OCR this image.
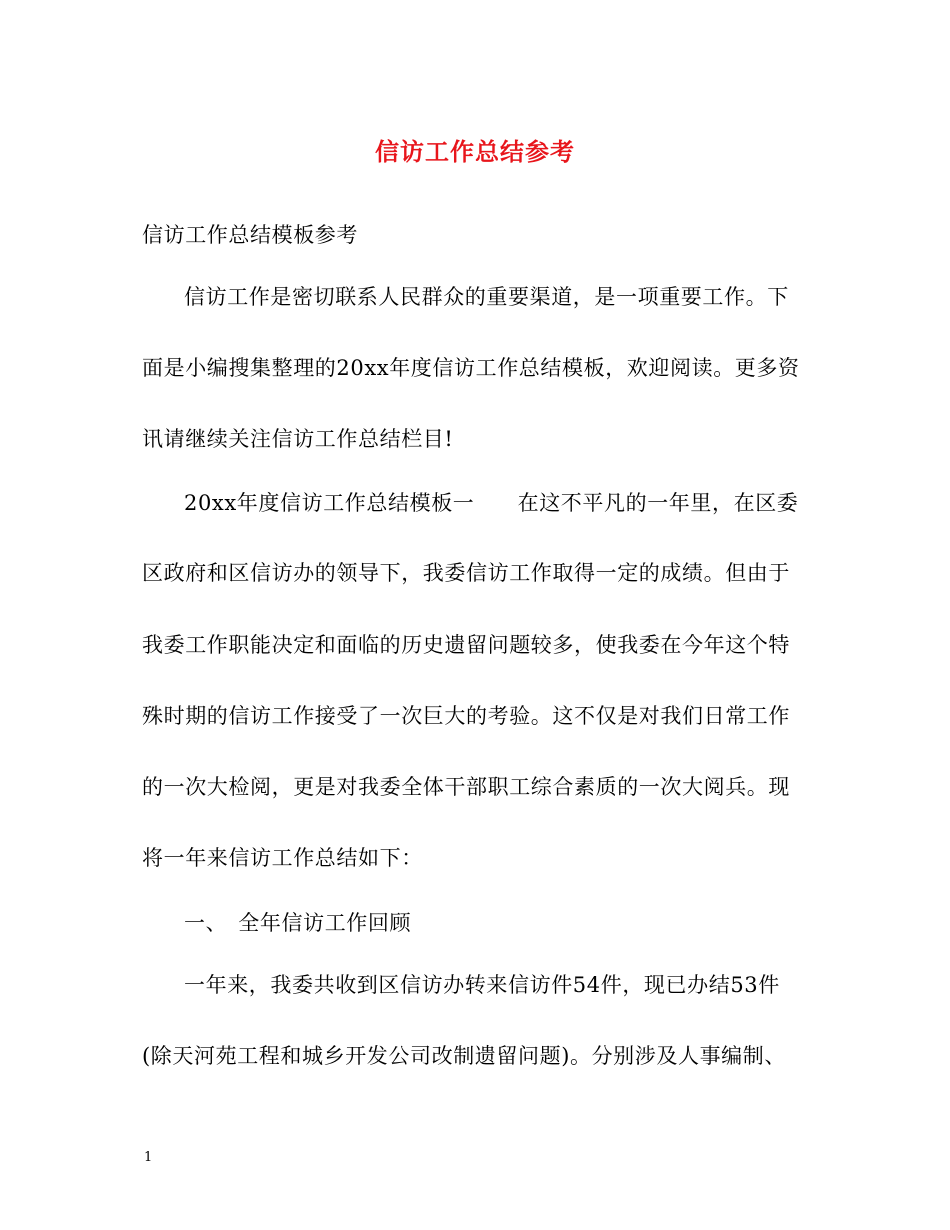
信访工作总结参考
信访工作总结模板参考
信访工作是密切联系人民群众的重要渠道，是一项重要工作。下
面是小编搜集整理的20xx年度信访工作总结模板，欢迎阅读。更多资
讯请继续关注信访工作总结栏目!
20xx年度信访工作总结模板一　　在这不平凡的一年里，在区委
区政府和区信访办的领导下，我委信访工作取得一定的成绩。但由于
我委工作职能决定和面临的历史遗留问题较多，使我委在今年这个特
殊时期的信访工作接受了一次巨大的考验。这不仅是对我们日常工作
的一次大检阅，更是对我委全体干部职工综合素质的一次大阅兵。现
将一年来信访工作总结如下：
一、　全年信访工作回顾
一年来，我委共收到区信访办转来信访件54件，现已办结53件
(除天河苑工程和城乡开发公司改制遗留问题)。分别涉及人事编制、
1
